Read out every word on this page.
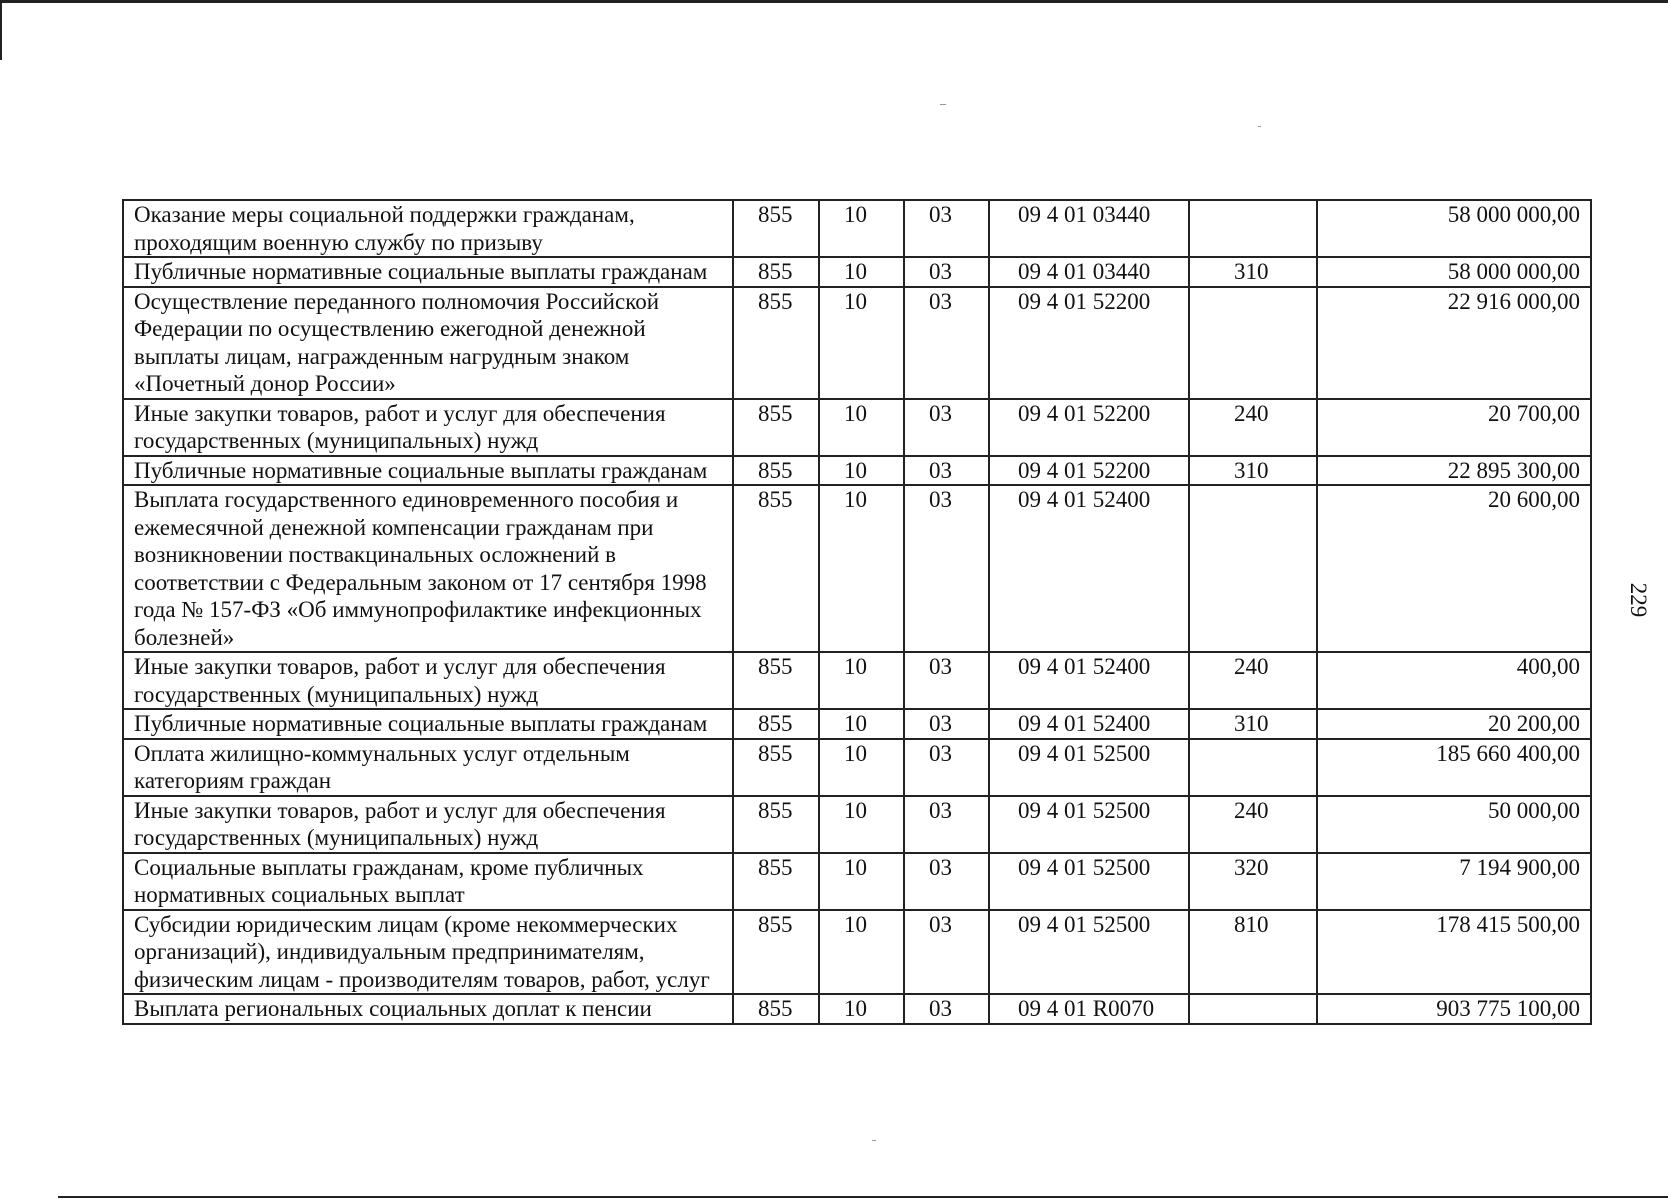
229
Оказание меры социальной поддержки гражданам, проходящим военную службу по призыву	855	10	03	09 4 01 03440		58 000 000,00
Публичные нормативные социальные выплаты гражданам	855	10	03	09 4 01 03440	310	58 000 000,00
Осуществление переданного полномочия Российской Федерации по осуществлению ежегодной денежной выплаты лицам, награжденным нагрудным знаком «Почетный донор России»	855	10	03	09 4 01 52200		22 916 000,00
Иные закупки товаров, работ и услуг для обеспечения государственных (муниципальных) нужд	855	10	03	09 4 01 52200	240	20 700,00
Публичные нормативные социальные выплаты гражданам	855	10	03	09 4 01 52200	310	22 895 300,00
Выплата государственного единовременного пособия и ежемесячной денежной компенсации гражданам при возникновении поствакцинальных осложнений в соответствии с Федеральным законом от 17 сентября 1998 года № 157-ФЗ «Об иммунопрофилактике инфекционных болезней»	855	10	03	09 4 01 52400		20 600,00
Иные закупки товаров, работ и услуг для обеспечения государственных (муниципальных) нужд	855	10	03	09 4 01 52400	240	400,00
Публичные нормативные социальные выплаты гражданам	855	10	03	09 4 01 52400	310	20 200,00
Оплата жилищно-коммунальных услуг отдельным категориям граждан	855	10	03	09 4 01 52500		185 660 400,00
Иные закупки товаров, работ и услуг для обеспечения государственных (муниципальных) нужд	855	10	03	09 4 01 52500	240	50 000,00
Социальные выплаты гражданам, кроме публичных нормативных социальных выплат	855	10	03	09 4 01 52500	320	7 194 900,00
Субсидии юридическим лицам (кроме некоммерческих организаций), индивидуальным предпринимателям, физическим лицам - производителям товаров, работ, услуг	855	10	03	09 4 01 52500	810	178 415 500,00
Выплата региональных социальных доплат к пенсии	855	10	03	09 4 01 R0070		903 775 100,00
